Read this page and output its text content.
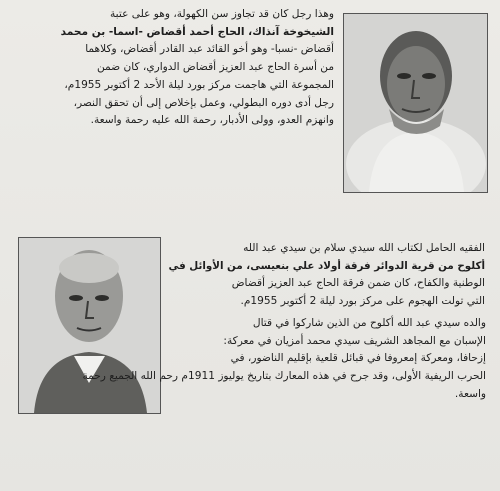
وهذا رجل كان قد تجاوز سن الكهولة، وهو على عتبة
الشيخوخة آنذاك، الحاج أحمد أقضاض -اسما- بن محمد
أقضاض -نسبا- وهو أخو القائد عبد القادر أقضاض، وكلاهما
من أسرة الحاج عبد العزيز أقضاض الدواري، كان ضمن
المجموعة التي هاجمت مركز بورد ليلة الأحد 2 أكتوبر 1955م،
رجل أدى دوره البطولي، وعمل بإخلاص إلى أن تحقق النصر،
وانهزم العدو، وولى الأدبار، رحمة الله عليه رحمة واسعة.
الفقيه الحامل لكتاب الله سيدي سلام بن سيدي عبد الله
أكلوح من قرية الدوائر فرقة أولاد علي بنعيسى، من الأوائل في
الوطنية والكفاح، كان ضمن فرقة الحاج عبد العزيز أقضاض
التي تولت الهجوم على مركز بورد ليلة 2 أكتوبر 1955م.
والده سيدي عبد الله أكلوح من الذين شاركوا في قتال
الإسبان مع المجاهد الشريف سيدي محمد أمزيان في معركة:
إزحافا، ومعركة إمعروفا في قبائل قلعية بإقليم الناضور، في
الحرب الريفية الأولى، وقد جرح في هذه المعارك بتاريخ يوليوز 1911م رحم الله الجميع رحمة
واسعة.
